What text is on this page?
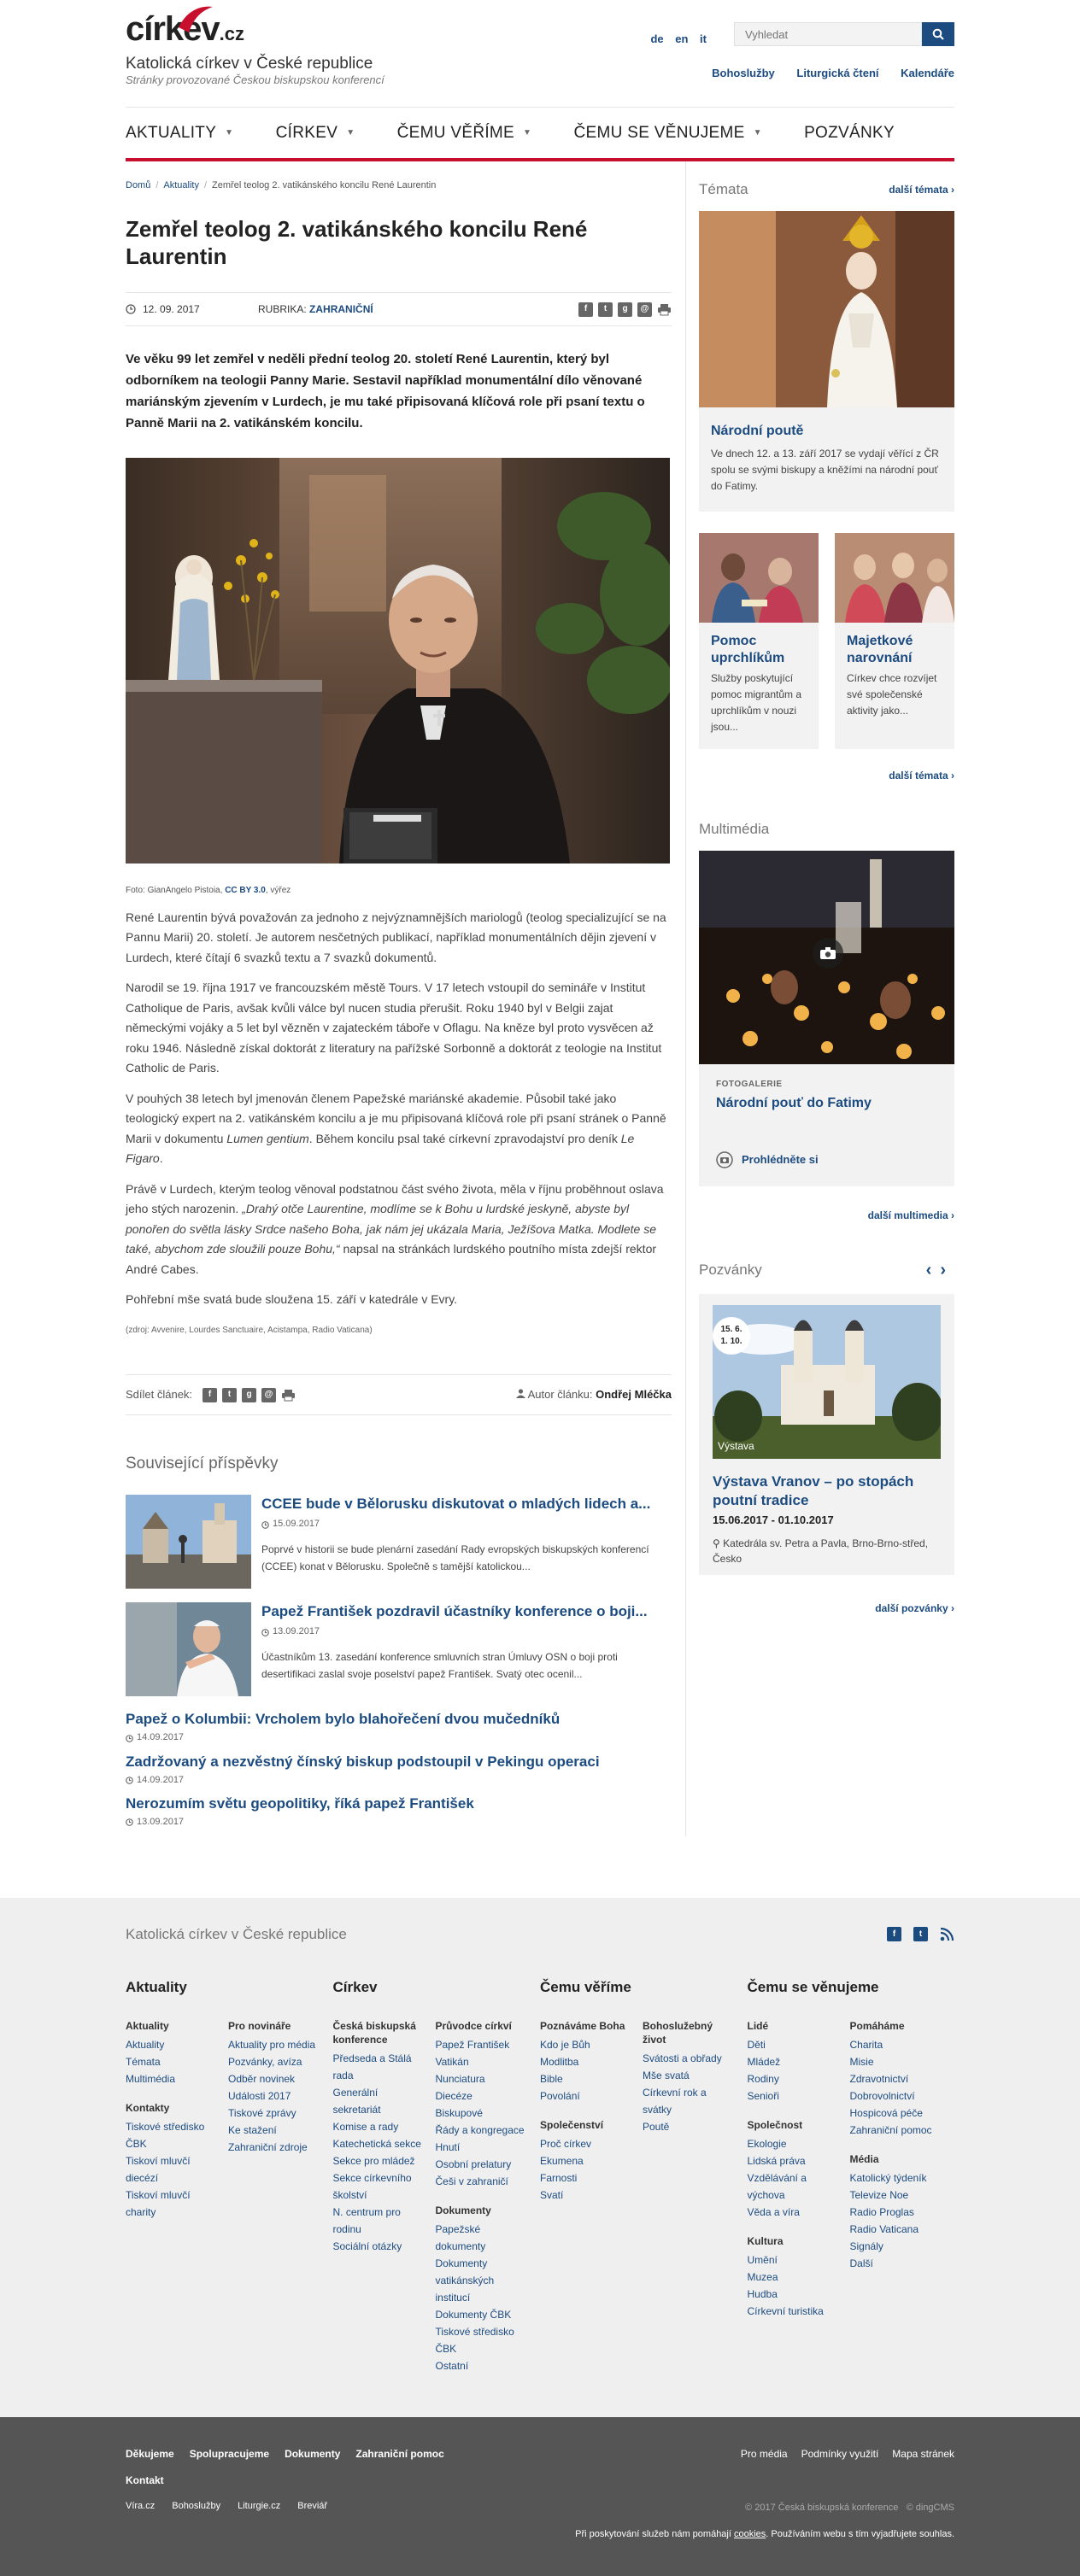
církev.cz
Katolická církev v České republice
Stránky provozované Českou biskupskou konferencí
de en it
Vyhledat
Bohoslužby Liturgická čtení Kalendáře
AKTUALITY ▼	CÍRKEV ▼	ČEMU VĚŘÍME ▼	ČEMU SE VĚNUJEME ▼	POZVÁNKY
Domů / Aktuality / Zemřel teolog 2. vatikánského koncilu René Laurentin
Zemřel teolog 2. vatikánského koncilu René Laurentin
12. 09. 2017	RUBRIKA: ZAHRANIČNÍ	f	t	g	@

Ve věku 99 let zemřel v neděli přední teolog 20. století René Laurentin, který byl odborníkem na teologii Panny Marie. Sestavil například monumentální dílo věnované mariánským zjevením v Lurdech, je mu také připisovaná klíčová role při psaní textu o Panně Marii na 2. vatikánském koncilu.

Foto: GianAngelo Pistoia, CC BY 3.0, výřez

René Laurentin bývá považován za jednoho z nejvýznamnějších mariologů (teolog specializující se na Pannu Marii) 20. století. Je autorem nesčetných publikací, například monumentálních dějin zjevení v Lurdech, které čítají 6 svazků textu a 7 svazků dokumentů.

Narodil se 19. října 1917 ve francouzském městě Tours. V 17 letech vstoupil do semináře v Institut Catholique de Paris, avšak kvůli válce byl nucen studia přerušit. Roku 1940 byl v Belgii zajat německými vojáky a 5 let byl vězněn v zajateckém táboře v Oflagu. Na kněze byl proto vysvěcen až roku 1946. Následně získal doktorát z literatury na pařížské Sorbonně a doktorát z teologie na Institut Catholic de Paris.

V pouhých 38 letech byl jmenován členem Papežské mariánské akademie. Působil také jako teologický expert na 2. vatikánském koncilu a je mu připisovaná klíčová role při psaní stránek o Panně Marii v dokumentu Lumen gentium. Během koncilu psal také církevní zpravodajství pro deník Le Figaro.

Právě v Lurdech, kterým teolog věnoval podstatnou část svého života, měla v říjnu proběhnout oslava jeho stých narozenin. „Drahý otče Laurentine, modlíme se k Bohu u lurdské jeskyně, abyste byl ponořen do světla lásky Srdce našeho Boha, jak nám jej ukázala Maria, Ježíšova Matka. Modlete se také, abychom zde sloužili pouze Bohu,“ napsal na stránkách lurdského poutního místa zdejší rektor André Cabes.

Pohřební mše svatá bude sloužena 15. září v katedrále v Evry.

(zdroj: Avvenire, Lourdes Sanctuaire, Acistampa, Radio Vaticana)

Sdílet článek:	f	t	g	@	Autor článku: Ondřej Mléčka
Související příspěvky
CCEE bude v Bělorusku diskutovat o mladých lidech a...
15.09.2017
Poprvé v historii se bude plenární zasedání Rady evropských biskupských konferencí (CCEE) konat v Bělorusku. Společně s tamější katolickou...
Papež František pozdravil účastníky konference o boji...
13.09.2017
Účastníkům 13. zasedání konference smluvních stran Úmluvy OSN o boji proti desertifikaci zaslal svoje poselství papež František. Svatý otec ocenil...
Papež o Kolumbii: Vrcholem bylo blahořečení dvou mučedníků
14.09.2017
Zadržovaný a nezvěstný čínský biskup podstoupil v Pekingu operaci
14.09.2017
Nerozumím světu geopolitiky, říká papež František
13.09.2017
Témata	další témata ›
Národní poutě
Ve dnech 12. a 13. září 2017 se vydají věřící z ČR spolu se svými biskupy a kněžími na národní pouť do Fatimy.
Pomoc uprchlíkům
Služby poskytující pomoc migrantům a uprchlíkům v nouzi jsou...
Majetkové narovnání
Církev chce rozvíjet své společenské aktivity jako...
další témata ›
Multimédia
FOTOGALERIE
Národní pouť do Fatimy
Prohlédněte si
další multimedia ›
Pozvánky	‹›
15. 6.
1. 10.
Výstava
Výstava Vranov – po stopách poutní tradice
15.06.2017 - 01.10.2017
⚲ Katedrála sv. Petra a Pavla, Brno-Brno-střed, Česko
další pozvánky ›
Katolická církev v České republice	f	t
Aktuality
Aktuality
Aktuality
Témata
Multimédia
Kontakty
Tiskové středisko ČBK
Tiskoví mluvčí diecézí
Tiskoví mluvčí charity
Pro novináře
Aktuality pro média
Pozvánky, avíza
Odběr novinek
Události 2017
Tiskové zprávy
Ke stažení
Zahraniční zdroje
Církev
Česká biskupská konference
Předseda a Stálá rada
Generální sekretariát
Komise a rady
Katechetická sekce
Sekce pro mládež
Sekce církevního školství
N. centrum pro rodinu
Sociální otázky
Průvodce církví
Papež František
Vatikán
Nunciatura
Diecéze
Biskupové
Řády a kongregace
Hnutí
Osobní prelatury
Češi v zahraničí
Dokumenty
Papežské dokumenty
Dokumenty vatikánských institucí
Dokumenty ČBK
Tiskové středisko ČBK
Ostatní
Čemu věříme
Poznáváme Boha
Kdo je Bůh
Modlitba
Bible
Povolání
Společenství
Proč církev
Ekumena
Farnosti
Svatí
Bohoslužebný život
Svátosti a obřady
Mše svatá
Církevní rok a svátky
Poutě
Čemu se věnujeme
Lidé
Děti
Mládež
Rodiny
Senioři
Společnost
Ekologie
Lidská práva
Vzdělávání a výchova
Věda a víra
Kultura
Umění
Muzea
Hudba
Církevní turistika
Pomáháme
Charita
Misie
Zdravotnictví
Dobrovolnictví
Hospicová péče
Zahraniční pomoc
Média
Katolický týdeník
Televize Noe
Radio Proglas
Radio Vaticana
Signály
Další
Děkujeme Spolupracujeme Dokumenty Zahraniční pomoc
Kontakt
Pro média Podmínky využití Mapa stránek
Víra.cz Bohoslužby Liturgie.cz Breviář	© 2017 Česká biskupská konference © dingCMS
Při poskytování služeb nám pomáhají cookies. Používáním webu s tím vyjadřujete souhlas.
